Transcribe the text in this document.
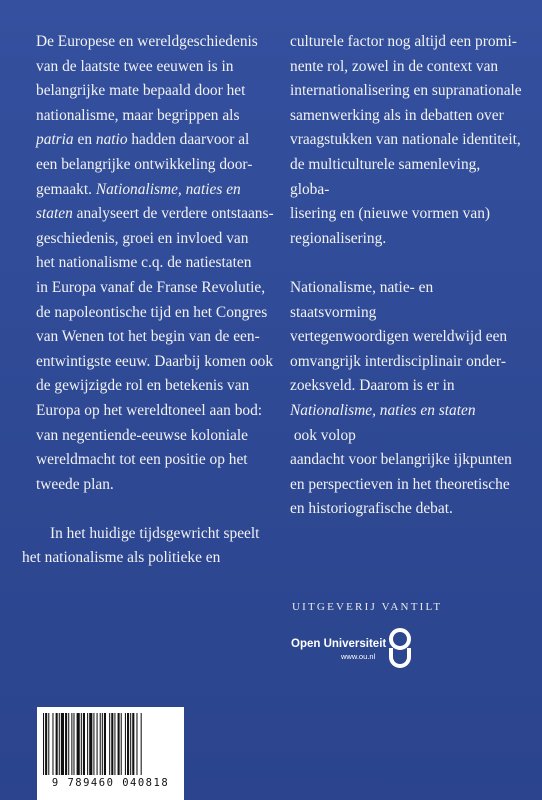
De Europese en wereldgeschiedenis
van de laatste twee eeuwen is in
belangrijke mate bepaald door het
nationalisme, maar begrippen als
patria en natio hadden daarvoor al
een belangrijke ontwikkeling door-
gemaakt. Nationalisme, naties en
staten analyseert de verdere ontstaans-
geschiedenis, groei en invloed van
het nationalisme c.q. de natiestaten
in Europa vanaf de Franse Revolutie,
de napoleontische tijd en het Congres
van Wenen tot het begin van de een-
entwintigste eeuw. Daarbij komen ook
de gewijzigde rol en betekenis van
Europa op het wereldtoneel aan bod:
van negentiende-eeuwse koloniale
wereldmacht tot een positie op het
tweede plan.

In het huidige tijdsgewricht speelt
het nationalisme als politieke en

culturele factor nog altijd een promi-
nente rol, zowel in de context van
internationalisering en supranationale
samenwerking als in debatten over
vraagstukken van nationale identiteit,
de multiculturele samenleving, globa-
lisering en (nieuwe vormen van)
regionalisering.

Nationalisme, natie- en staatsvorming
vertegenwoordigen wereldwijd een
omvangrijk interdisciplinair onder-
zoeksveld. Daarom is er in
Nationalisme, naties en staten ook volop
aandacht voor belangrijke ijkpunten
en perspectieven in het theoretische
en historiografische debat.

UITGEVERIJ VANTILT
Open Universiteit
www.ou.nl
9 789460 040818
